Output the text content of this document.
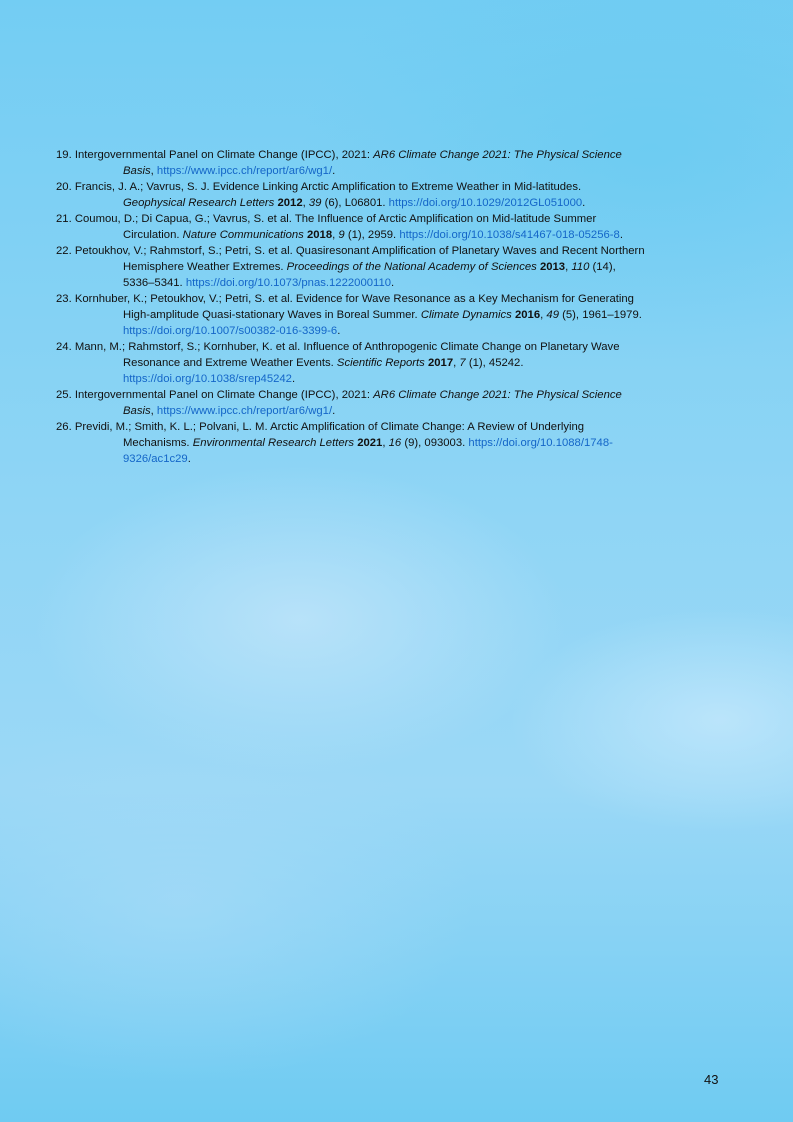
19. Intergovernmental Panel on Climate Change (IPCC), 2021: AR6 Climate Change 2021: The Physical Science Basis, https://www.ipcc.ch/report/ar6/wg1/.
20. Francis, J. A.; Vavrus, S. J. Evidence Linking Arctic Amplification to Extreme Weather in Mid-latitudes. Geophysical Research Letters 2012, 39 (6), L06801. https://doi.org/10.1029/2012GL051000.
21. Coumou, D.; Di Capua, G.; Vavrus, S. et al. The Influence of Arctic Amplification on Mid-latitude Summer Circulation. Nature Communications 2018, 9 (1), 2959. https://doi.org/10.1038/s41467-018-05256-8.
22. Petoukhov, V.; Rahmstorf, S.; Petri, S. et al. Quasiresonant Amplification of Planetary Waves and Recent Northern Hemisphere Weather Extremes. Proceedings of the National Academy of Sciences 2013, 110 (14), 5336–5341. https://doi.org/10.1073/pnas.1222000110.
23. Kornhuber, K.; Petoukhov, V.; Petri, S. et al. Evidence for Wave Resonance as a Key Mechanism for Generating High-amplitude Quasi-stationary Waves in Boreal Summer. Climate Dynamics 2016, 49 (5), 1961–1979. https://doi.org/10.1007/s00382-016-3399-6.
24. Mann, M.; Rahmstorf, S.; Kornhuber, K. et al. Influence of Anthropogenic Climate Change on Planetary Wave Resonance and Extreme Weather Events. Scientific Reports 2017, 7 (1), 45242. https://doi.org/10.1038/srep45242.
25. Intergovernmental Panel on Climate Change (IPCC), 2021: AR6 Climate Change 2021: The Physical Science Basis, https://www.ipcc.ch/report/ar6/wg1/.
26. Previdi, M.; Smith, K. L.; Polvani, L. M. Arctic Amplification of Climate Change: A Review of Underlying Mechanisms. Environmental Research Letters 2021, 16 (9), 093003. https://doi.org/10.1088/1748-9326/ac1c29.
43
